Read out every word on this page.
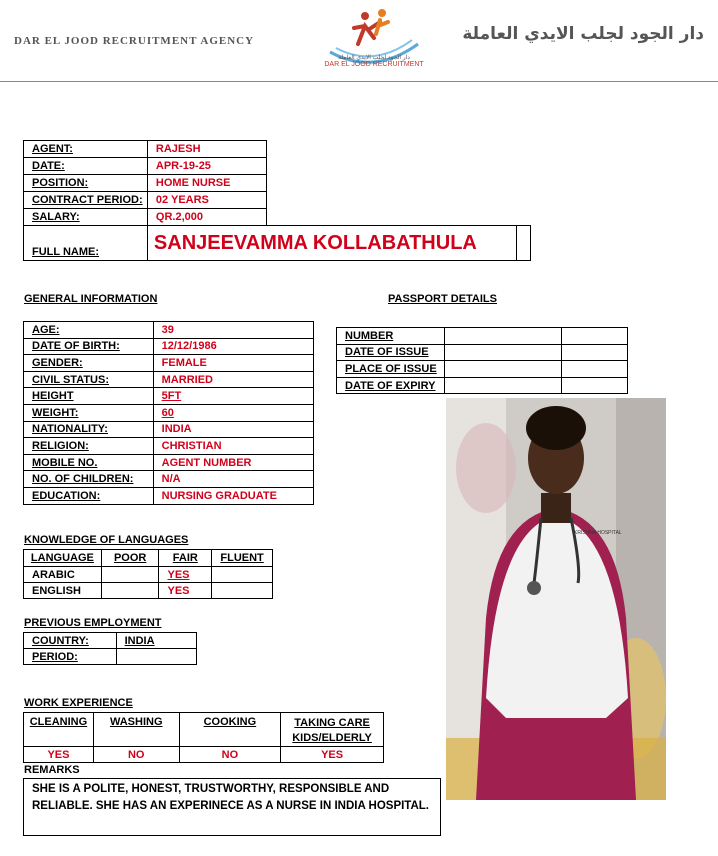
DAR EL JOOD RECRUITMENT AGENCY	دار الجود لجلب الايدي العاملة
دار الجود لجلب الايدي العاملة
DAR EL JOOD RECRUITMENT
AGENT:	RAJESH		
DATE:	APR-19-25		
POSITION:	HOME NURSE		
CONTRACT PERIOD:	02 YEARS		
SALARY:	QR.2,000		
FULL NAME:	SANJEEVAMMA KOLLABATHULA		
GENERAL INFORMATION
AGE:	39
DATE OF BIRTH:	12/12/1986
GENDER:	FEMALE
CIVIL STATUS:	MARRIED
HEIGHT	5FT
WEIGHT:	60
NATIONALITY:	INDIA
RELIGION:	CHRISTIAN
MOBILE NO.	AGENT NUMBER
NO. OF CHILDREN:	N/A
EDUCATION:	NURSING GRADUATE
PASSPORT DETAILS
NUMBER		
DATE OF ISSUE		
PLACE OF ISSUE		
DATE OF EXPIRY		
KRISHNA HOSPITAL
KNOWLEDGE OF LANGUAGES
LANGUAGE	POOR	FAIR	FLUENT
ARABIC		YES	
ENGLISH		YES	
PREVIOUS EMPLOYMENT
COUNTRY:	INDIA
PERIOD:	
WORK EXPERIENCE
CLEANING	WASHING	COOKING	TAKING CARE
KIDS/ELDERLY
YES	NO	NO	YES
REMARKS
SHE IS A POLITE, HONEST, TRUSTWORTHY, RESPONSIBLE AND RELIABLE. SHE HAS AN EXPERINECE AS A NURSE IN INDIA HOSPITAL.
